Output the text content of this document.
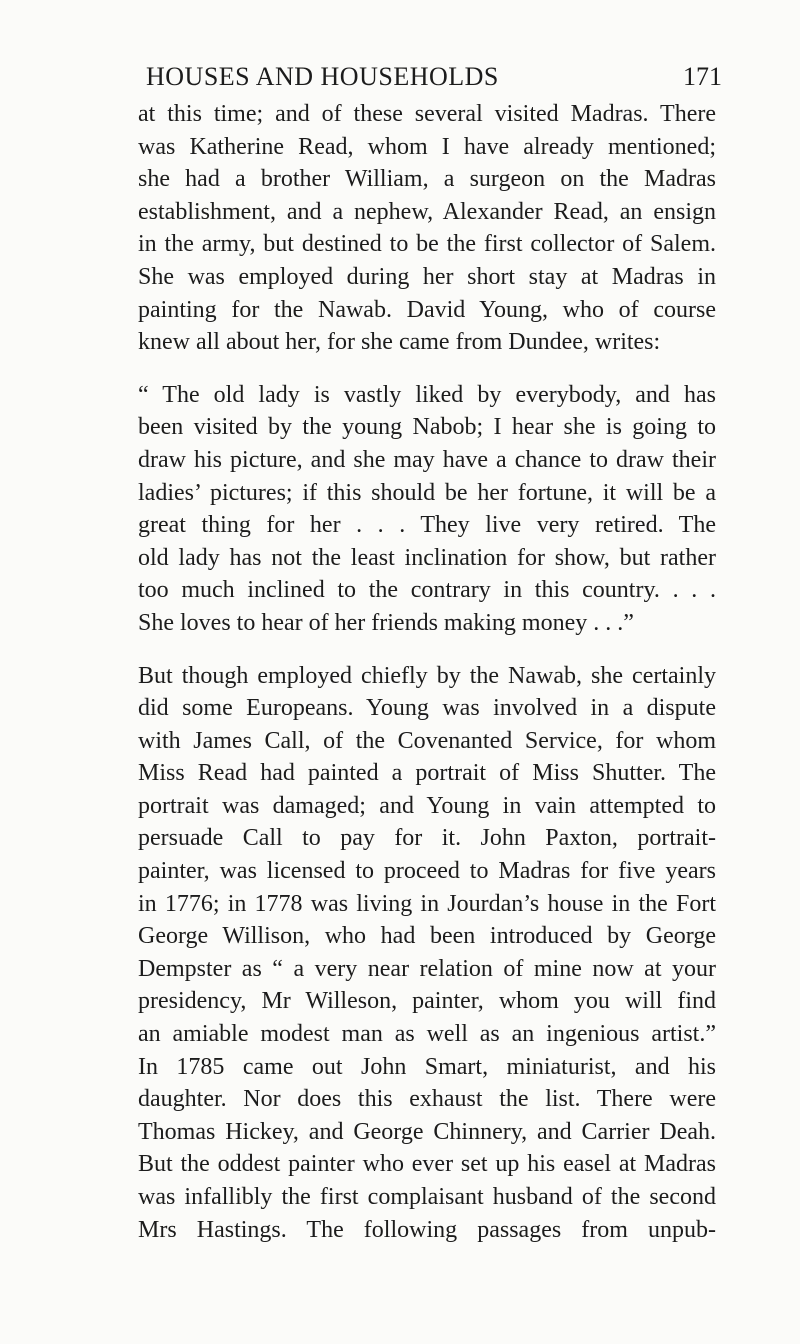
HOUSES AND HOUSEHOLDS	171
at this time; and of these several visited Madras. There
was Katherine Read, whom I have already mentioned;
she had a brother William, a surgeon on the Madras
establishment, and a nephew, Alexander Read, an ensign
in the army, but destined to be the first collector of Salem.
She was employed during her short stay at Madras in
painting for the Nawab. David Young, who of course
knew all about her, for she came from Dundee, writes:
“ The old lady is vastly liked by everybody, and has
been visited by the young Nabob; I hear she is going to
draw his picture, and she may have a chance to draw their
ladies’ pictures; if this should be her fortune, it will be a
great thing for her . . . They live very retired. The
old lady has not the least inclination for show, but rather
too much inclined to the contrary in this country. . . .
She loves to hear of her friends making money . . .”
But though employed chiefly by the Nawab, she certainly
did some Europeans. Young was involved in a dispute
with James Call, of the Covenanted Service, for whom
Miss Read had painted a portrait of Miss Shutter. The
portrait was damaged; and Young in vain attempted to
persuade Call to pay for it. John Paxton, portrait-
painter, was licensed to proceed to Madras for five years
in 1776; in 1778 was living in Jourdan’s house in the Fort
George Willison, who had been introduced by George
Dempster as “ a very near relation of mine now at your
presidency, Mr Willeson, painter, whom you will find
an amiable modest man as well as an ingenious artist.”
In 1785 came out John Smart, miniaturist, and his
daughter. Nor does this exhaust the list. There were
Thomas Hickey, and George Chinnery, and Carrier Deah.
But the oddest painter who ever set up his easel at Madras
was infallibly the first complaisant husband of the second
Mrs Hastings. The following passages from unpub-
